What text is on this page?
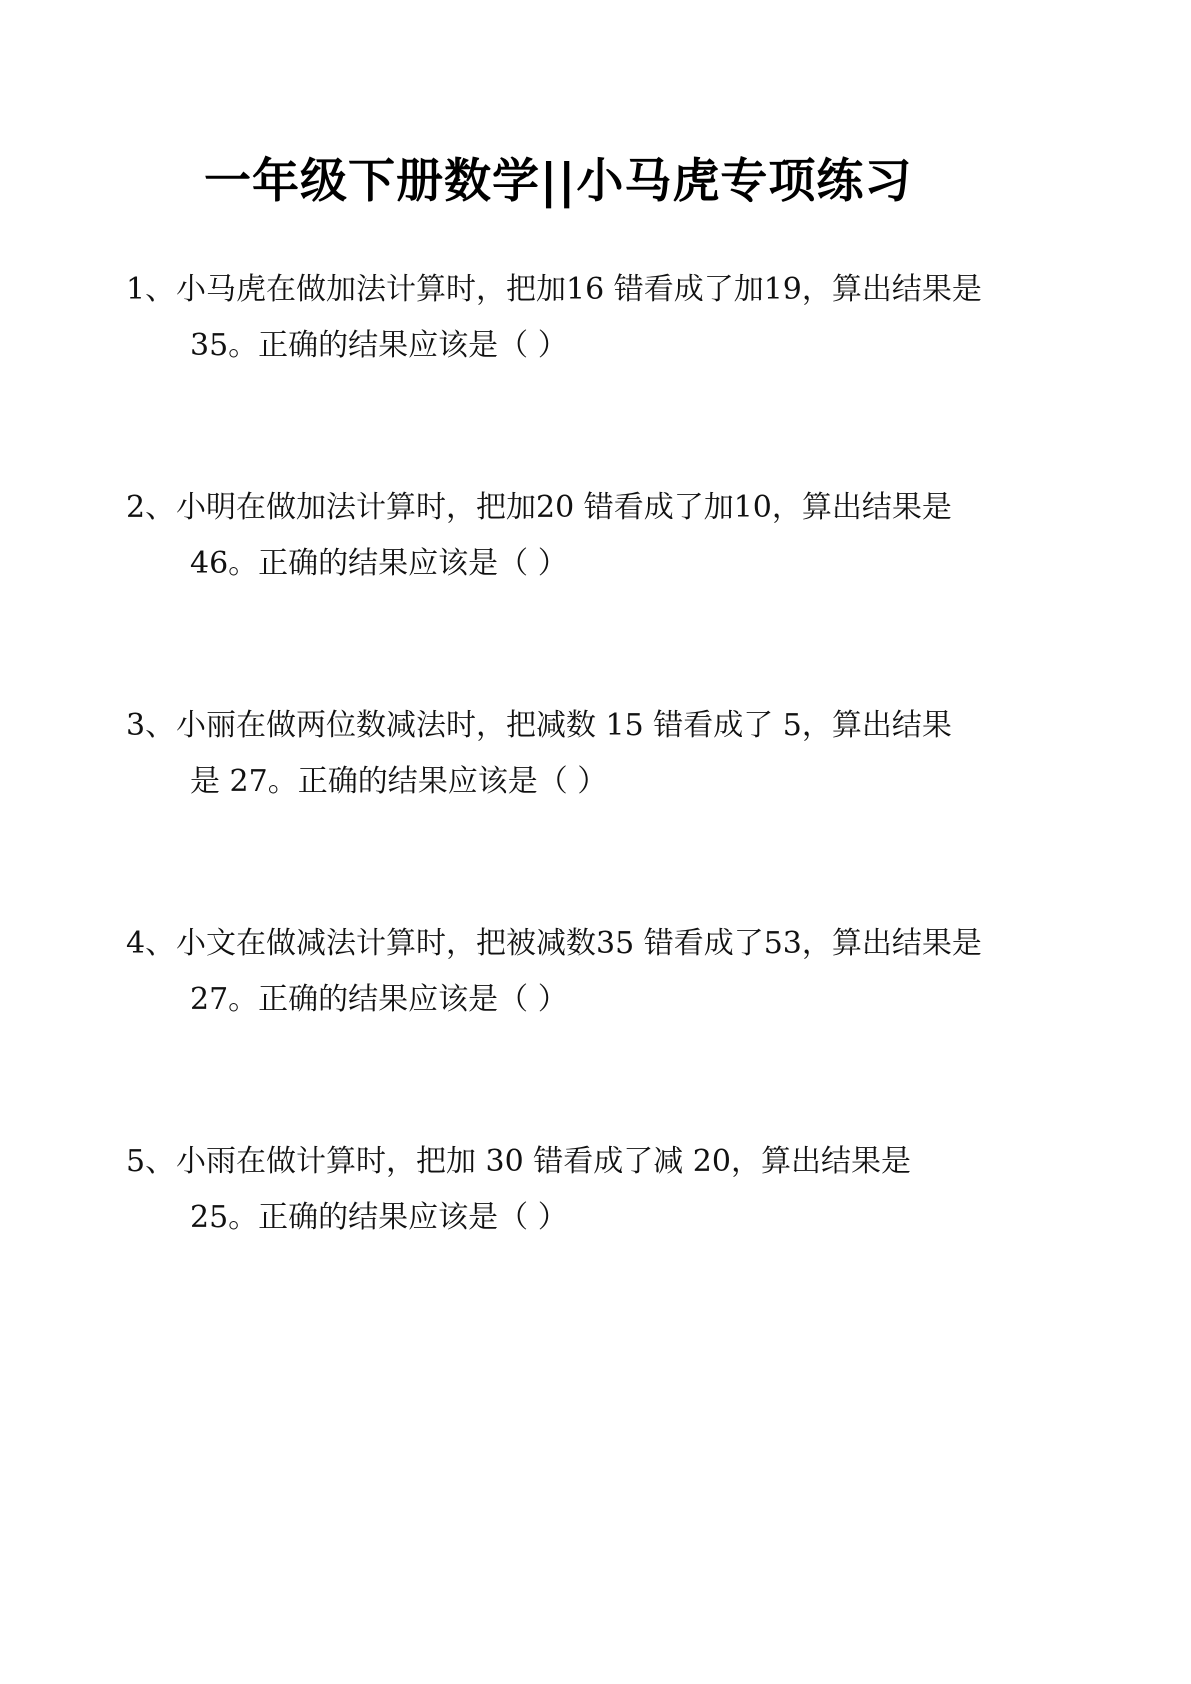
一年级下册数学||小马虎专项练习
1、小马虎在做加法计算时，把加16 错看成了加19，算出结果是
35。正确的结果应该是（ ）
2、小明在做加法计算时，把加20 错看成了加10，算出结果是
46。正确的结果应该是（ ）
3、小丽在做两位数减法时，把减数 15 错看成了 5，算出结果
是 27。正确的结果应该是（ ）
4、小文在做减法计算时，把被减数35 错看成了53，算出结果是
27。正确的结果应该是（ ）
5、小雨在做计算时，把加 30 错看成了减 20，算出结果是
25。正确的结果应该是（ ）
